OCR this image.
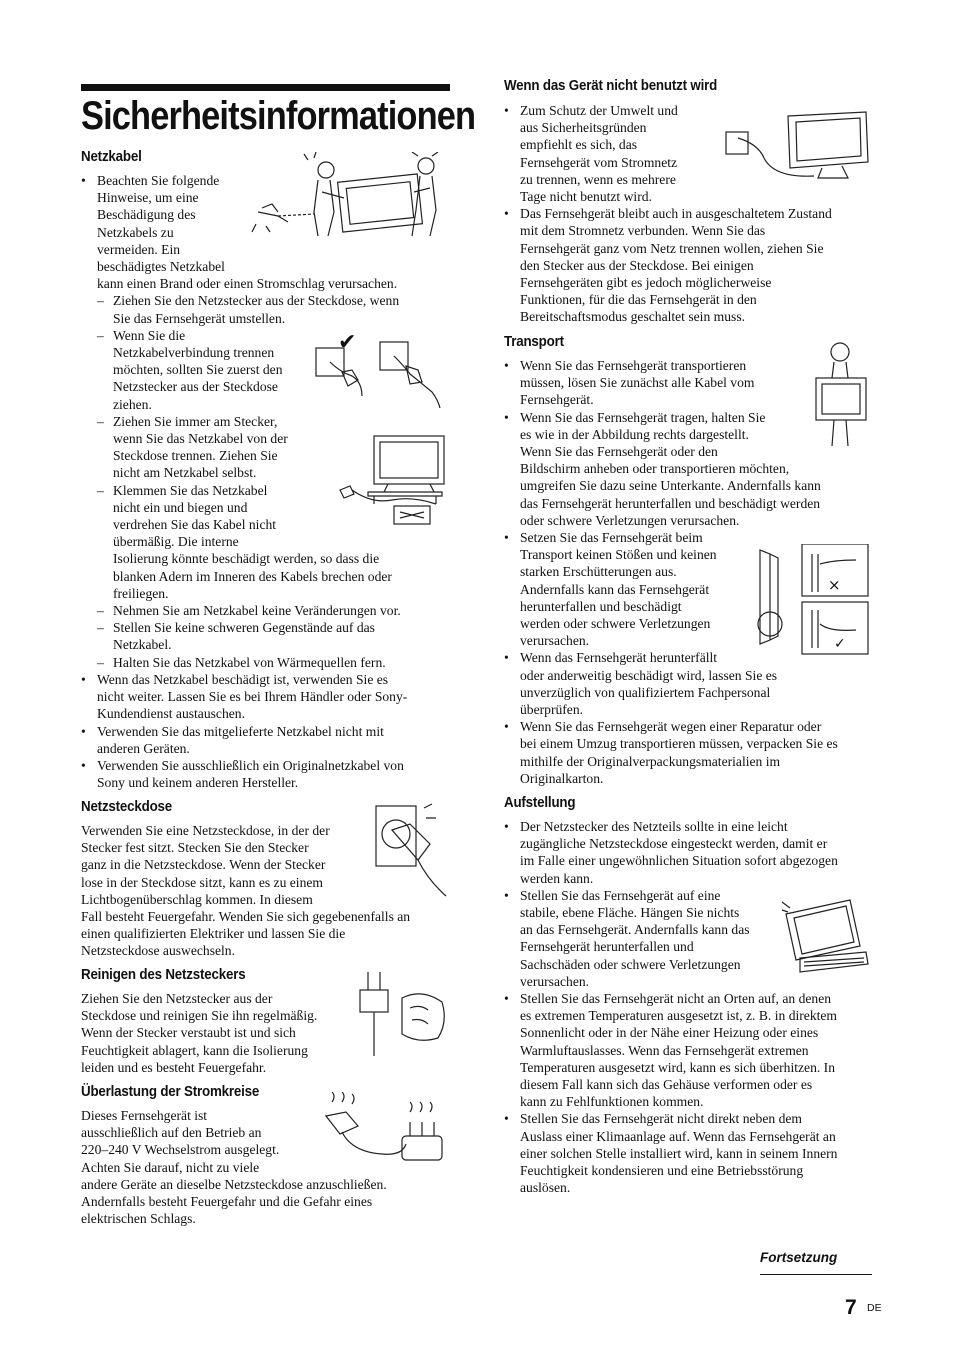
Sicherheitsinformationen
Netzkabel
• Beachten Sie folgende

Hinweise, um eine

Beschädigung des

Netzkabels zu

vermeiden. Ein

beschädigtes Netzkabel

kann einen Brand oder einen Stromschlag verursachen.

– Ziehen Sie den Netzstecker aus der Steckdose, wenn

Sie das Fernsehgerät umstellen.

– Wenn Sie die

Netzkabelverbindung trennen

möchten, sollten Sie zuerst den

Netzstecker aus der Steckdose

ziehen.

– Ziehen Sie immer am Stecker,

wenn Sie das Netzkabel von der

Steckdose trennen. Ziehen Sie

nicht am Netzkabel selbst.

– Klemmen Sie das Netzkabel

nicht ein und biegen und

verdrehen Sie das Kabel nicht

übermäßig. Die interne

Isolierung könnte beschädigt werden, so dass die

blanken Adern im Inneren des Kabels brechen oder

freiliegen.

– Nehmen Sie am Netzkabel keine Veränderungen vor.

– Stellen Sie keine schweren Gegenstände auf das

Netzkabel.

– Halten Sie das Netzkabel von Wärmequellen fern.

• Wenn das Netzkabel beschädigt ist, verwenden Sie es

nicht weiter. Lassen Sie es bei Ihrem Händler oder Sony-

Kundendienst austauschen.

• Verwenden Sie das mitgelieferte Netzkabel nicht mit

anderen Geräten.

• Verwenden Sie ausschließlich ein Originalnetzkabel von

Sony und keinem anderen Hersteller.

Netzsteckdose

Verwenden Sie eine Netzsteckdose, in der der

Stecker fest sitzt. Stecken Sie den Stecker

ganz in die Netzsteckdose. Wenn der Stecker

lose in der Steckdose sitzt, kann es zu einem

Lichtbogenüberschlag kommen. In diesem

Fall besteht Feuergefahr. Wenden Sie sich gegebenenfalls an

einen qualifizierten Elektriker und lassen Sie die

Netzsteckdose auswechseln.

Reinigen des Netzsteckers

Ziehen Sie den Netzstecker aus der

Steckdose und reinigen Sie ihn regelmäßig.

Wenn der Stecker verstaubt ist und sich

Feuchtigkeit ablagert, kann die Isolierung

leiden und es besteht Feuergefahr.

Überlastung der Stromkreise

Dieses Fernsehgerät ist

ausschließlich auf den Betrieb an

220–240 V Wechselstrom ausgelegt.

Achten Sie darauf, nicht zu viele

andere Geräte an dieselbe Netzsteckdose anzuschließen.

Andernfalls besteht Feuergefahr und die Gefahr eines

elektrischen Schlags.

Wenn das Gerät nicht benutzt wird
• Zum Schutz der Umwelt und

aus Sicherheitsgründen

empfiehlt es sich, das

Fernsehgerät vom Stromnetz

zu trennen, wenn es mehrere

Tage nicht benutzt wird.

• Das Fernsehgerät bleibt auch in ausgeschaltetem Zustand

mit dem Stromnetz verbunden. Wenn Sie das

Fernsehgerät ganz vom Netz trennen wollen, ziehen Sie

den Stecker aus der Steckdose. Bei einigen

Fernsehgeräten gibt es jedoch möglicherweise

Funktionen, für die das Fernsehgerät in den

Bereitschaftsmodus geschaltet sein muss.

Transport
• Wenn Sie das Fernsehgerät transportieren

müssen, lösen Sie zunächst alle Kabel vom

Fernsehgerät.

• Wenn Sie das Fernsehgerät tragen, halten Sie

es wie in der Abbildung rechts dargestellt.

Wenn Sie das Fernsehgerät oder den

Bildschirm anheben oder transportieren möchten,

umgreifen Sie dazu seine Unterkante. Andernfalls kann

das Fernsehgerät herunterfallen und beschädigt werden

oder schwere Verletzungen verursachen.

• Setzen Sie das Fernsehgerät beim

Transport keinen Stößen und keinen

starken Erschütterungen aus.

Andernfalls kann das Fernsehgerät

herunterfallen und beschädigt

werden oder schwere Verletzungen

verursachen.

• Wenn das Fernsehgerät herunterfällt

oder anderweitig beschädigt wird, lassen Sie es

unverzüglich von qualifiziertem Fachpersonal

überprüfen.

• Wenn Sie das Fernsehgerät wegen einer Reparatur oder

bei einem Umzug transportieren müssen, verpacken Sie es

mithilfe der Originalverpackungsmaterialien im

Originalkarton.

Aufstellung
• Der Netzstecker des Netzteils sollte in eine leicht

zugängliche Netzsteckdose eingesteckt werden, damit er

im Falle einer ungewöhnlichen Situation sofort abgezogen

werden kann.

• Stellen Sie das Fernsehgerät auf eine

stabile, ebene Fläche. Hängen Sie nichts

an das Fernsehgerät. Andernfalls kann das

Fernsehgerät herunterfallen und

Sachschäden oder schwere Verletzungen

verursachen.

• Stellen Sie das Fernsehgerät nicht an Orten auf, an denen

es extremen Temperaturen ausgesetzt ist, z. B. in direktem

Sonnenlicht oder in der Nähe einer Heizung oder eines

Warmluftauslasses. Wenn das Fernsehgerät extremen

Temperaturen ausgesetzt wird, kann es sich überhitzen. In

diesem Fall kann sich das Gehäuse verformen oder es

kann zu Fehlfunktionen kommen.

• Stellen Sie das Fernsehgerät nicht direkt neben dem

Auslass einer Klimaanlage auf. Wenn das Fernsehgerät an

einer solchen Stelle installiert wird, kann in seinem Innern

Feuchtigkeit kondensieren und eine Betriebsstörung

auslösen.

✔
×
✓
Fortsetzung
7 DE
